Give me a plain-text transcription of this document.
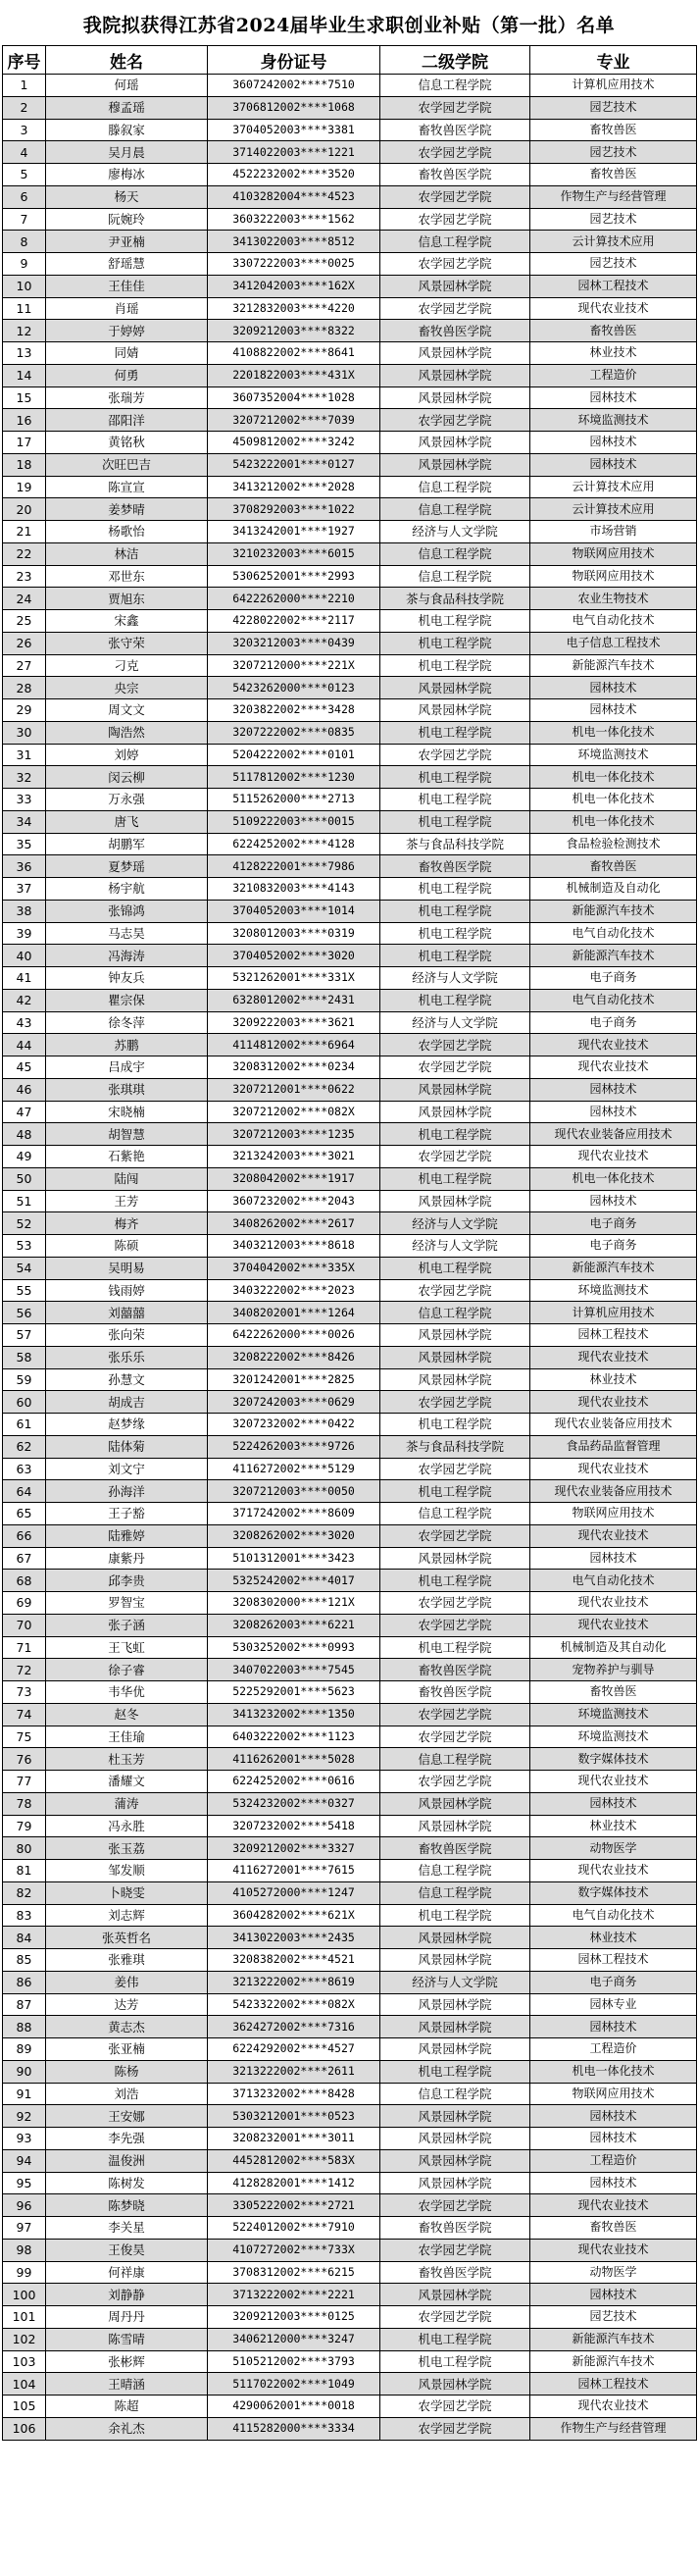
我院拟获得江苏省2024届毕业生求职创业补贴（第一批）名单
序号	姓名	身份证号	二级学院	专业
1	何瑶	3607242002****7510	信息工程学院	计算机应用技术
2	穆孟瑶	3706812002****1068	农学园艺学院	园艺技术
3	滕叙家	3704052003****3381	畜牧兽医学院	畜牧兽医
4	吴月晨	3714022003****1221	农学园艺学院	园艺技术
5	廖梅冰	4522232002****3520	畜牧兽医学院	畜牧兽医
6	杨天	4103282004****4523	农学园艺学院	作物生产与经营管理
7	阮婉玲	3603222003****1562	农学园艺学院	园艺技术
8	尹亚楠	3413022003****8512	信息工程学院	云计算技术应用
9	舒瑶慧	3307222003****0025	农学园艺学院	园艺技术
10	王佳佳	3412042003****162X	风景园林学院	园林工程技术
11	肖瑶	3212832003****4220	农学园艺学院	现代农业技术
12	于婷婷	3209212003****8322	畜牧兽医学院	畜牧兽医
13	同婧	4108822002****8641	风景园林学院	林业技术
14	何勇	2201822003****431X	风景园林学院	工程造价
15	张瑞芳	3607352004****1028	风景园林学院	园林技术
16	邵阳洋	3207212002****7039	农学园艺学院	环境监测技术
17	黄铭秋	4509812002****3242	风景园林学院	园林技术
18	次旺巴吉	5423222001****0127	风景园林学院	园林技术
19	陈宣宣	3413212002****2028	信息工程学院	云计算技术应用
20	姜梦晴	3708292003****1022	信息工程学院	云计算技术应用
21	杨歌怡	3413242001****1927	经济与人文学院	市场营销
22	林洁	3210232003****6015	信息工程学院	物联网应用技术
23	邓世东	5306252001****2993	信息工程学院	物联网应用技术
24	贾旭东	6422262000****2210	茶与食品科技学院	农业生物技术
25	宋鑫	4228022002****2117	机电工程学院	电气自动化技术
26	张守荣	3203212003****0439	机电工程学院	电子信息工程技术
27	刁克	3207212000****221X	机电工程学院	新能源汽车技术
28	央宗	5423262000****0123	风景园林学院	园林技术
29	周文文	3203822002****3428	风景园林学院	园林技术
30	陶浩然	3207222002****0835	机电工程学院	机电一体化技术
31	刘婷	5204222002****0101	农学园艺学院	环境监测技术
32	闵云柳	5117812002****1230	机电工程学院	机电一体化技术
33	万永强	5115262000****2713	机电工程学院	机电一体化技术
34	唐飞	5109222003****0015	机电工程学院	机电一体化技术
35	胡鹏军	6224252002****4128	茶与食品科技学院	食品检验检测技术
36	夏梦瑶	4128222001****7986	畜牧兽医学院	畜牧兽医
37	杨宇航	3210832003****4143	机电工程学院	机械制造及自动化
38	张锦鸿	3704052003****1014	机电工程学院	新能源汽车技术
39	马志昊	3208012003****0319	机电工程学院	电气自动化技术
40	冯海涛	3704052002****3020	机电工程学院	新能源汽车技术
41	钟友兵	5321262001****331X	经济与人文学院	电子商务
42	瞿宗保	6328012002****2431	机电工程学院	电气自动化技术
43	徐冬萍	3209222003****3621	经济与人文学院	电子商务
44	苏鹏	4114812002****6964	农学园艺学院	现代农业技术
45	吕成宇	3208312002****0234	农学园艺学院	现代农业技术
46	张琪琪	3207212001****0622	风景园林学院	园林技术
47	宋晓楠	3207212002****082X	风景园林学院	园林技术
48	胡智慧	3207212003****1235	机电工程学院	现代农业装备应用技术
49	石紫艳	3213242003****3021	农学园艺学院	现代农业技术
50	陆闯	3208042002****1917	机电工程学院	机电一体化技术
51	王芳	3607232002****2043	风景园林学院	园林技术
52	梅齐	3408262002****2617	经济与人文学院	电子商务
53	陈硕	3403212003****8618	经济与人文学院	电子商务
54	吴明易	3704042002****335X	机电工程学院	新能源汽车技术
55	钱雨婷	3403222002****2023	农学园艺学院	环境监测技术
56	刘囍囍	3408202001****1264	信息工程学院	计算机应用技术
57	张向荣	6422262000****0026	风景园林学院	园林工程技术
58	张乐乐	3208222002****8426	风景园林学院	现代农业技术
59	孙慧文	3201242001****2825	风景园林学院	林业技术
60	胡成吉	3207242003****0629	农学园艺学院	现代农业技术
61	赵梦缘	3207232002****0422	机电工程学院	现代农业装备应用技术
62	陆体菊	5224262003****9726	茶与食品科技学院	食品药品监督管理
63	刘文宁	4116272002****5129	农学园艺学院	现代农业技术
64	孙海洋	3207212003****0050	机电工程学院	现代农业装备应用技术
65	王子豁	3717242002****8609	信息工程学院	物联网应用技术
66	陆雅婷	3208262002****3020	农学园艺学院	现代农业技术
67	康紫丹	5101312001****3423	风景园林学院	园林技术
68	邱李贵	5325242002****4017	机电工程学院	电气自动化技术
69	罗智宝	3208302000****121X	农学园艺学院	现代农业技术
70	张子涵	3208262003****6221	农学园艺学院	现代农业技术
71	王飞虹	5303252002****0993	机电工程学院	机械制造及其自动化
72	徐子睿	3407022003****7545	畜牧兽医学院	宠物养护与驯导
73	韦华优	5225292001****5623	畜牧兽医学院	畜牧兽医
74	赵冬	3413232002****1350	农学园艺学院	环境监测技术
75	王佳瑜	6403222002****1123	农学园艺学院	环境监测技术
76	杜玉芳	4116262001****5028	信息工程学院	数字媒体技术
77	潘耀文	6224252002****0616	农学园艺学院	现代农业技术
78	蒲涛	5324232002****0327	风景园林学院	园林技术
79	冯永胜	3207232002****5418	风景园林学院	林业技术
80	张玉荔	3209212002****3327	畜牧兽医学院	动物医学
81	邹发顺	4116272001****7615	信息工程学院	现代农业技术
82	卜晓雯	4105272000****1247	信息工程学院	数字媒体技术
83	刘志辉	3604282002****621X	机电工程学院	电气自动化技术
84	张英哲名	3413022003****2435	风景园林学院	林业技术
85	张雅琪	3208382002****4521	风景园林学院	园林工程技术
86	姜伟	3213222002****8619	经济与人文学院	电子商务
87	达芳	5423322002****082X	风景园林学院	园林专业
88	黄志杰	3624272002****7316	风景园林学院	园林技术
89	张亚楠	6224292002****4527	风景园林学院	工程造价
90	陈杨	3213222002****2611	机电工程学院	机电一体化技术
91	刘浩	3713232002****8428	信息工程学院	物联网应用技术
92	王安娜	5303212001****0523	风景园林学院	园林技术
93	李先强	3208232001****3011	风景园林学院	园林技术
94	温俊洲	4452812002****583X	风景园林学院	工程造价
95	陈树发	4128282001****1412	风景园林学院	园林技术
96	陈梦晓	3305222002****2721	农学园艺学院	现代农业技术
97	李关星	5224012002****7910	畜牧兽医学院	畜牧兽医
98	王俊昊	4107272002****733X	农学园艺学院	现代农业技术
99	何祥康	3708312002****6215	畜牧兽医学院	动物医学
100	刘静静	3713222002****2221	风景园林学院	园林技术
101	周丹丹	3209212003****0125	农学园艺学院	园艺技术
102	陈雪晴	3406212000****3247	机电工程学院	新能源汽车技术
103	张彬辉	5105212002****3793	机电工程学院	新能源汽车技术
104	王晴涵	5117022002****1049	风景园林学院	园林工程技术
105	陈超	4290062001****0018	农学园艺学院	现代农业技术
106	余礼杰	4115282000****3334	农学园艺学院	作物生产与经营管理
